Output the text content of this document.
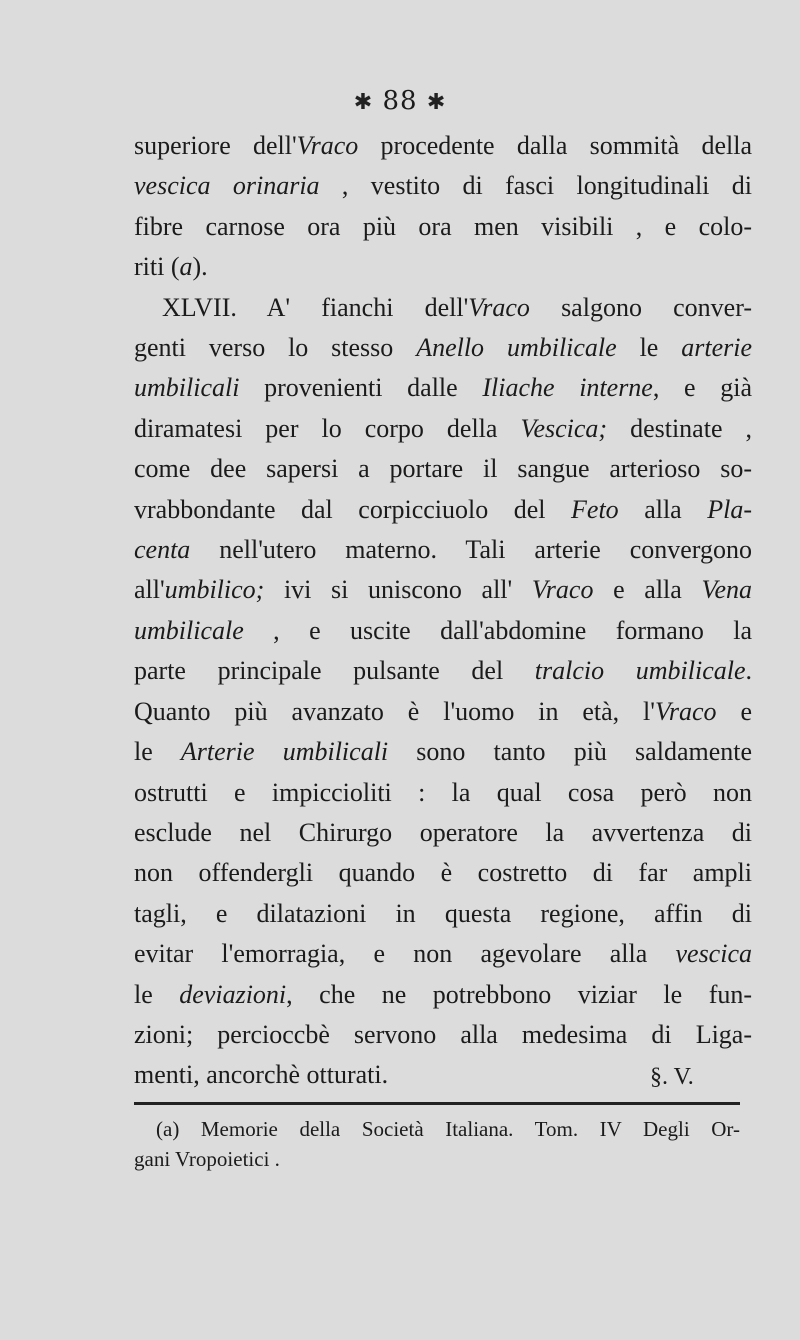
✱ 88 ✱
superiore dell'Vraco procedente dalla sommità della
vescica orinaria , vestito di fasci longitudinali di
fibre carnose ora più ora men visibili , e colo-
riti (a).
XLVII. A' fianchi dell'Vraco salgono conver-
genti verso lo stesso Anello umbilicale le arterie
umbilicali provenienti dalle Iliache interne, e già
diramatesi per lo corpo della Vescica; destinate ,
come dee sapersi a portare il sangue arterioso so-
vrabbondante dal corpicciuolo del Feto alla Pla-
centa nell'utero materno. Tali arterie convergono
all'umbilico; ivi si uniscono all' Vraco e alla Vena
umbilicale , e uscite dall'abdomine formano la
parte principale pulsante del tralcio umbilicale.
Quanto più avanzato è l'uomo in età, l'Vraco e
le Arterie umbilicali sono tanto più saldamente
ostrutti e impiccioliti : la qual cosa però non
esclude nel Chirurgo operatore la avvertenza di
non offendergli quando è costretto di far ampli
tagli, e dilatazioni in questa regione, affin di
evitar l'emorragia, e non agevolare alla vescica
le deviazioni, che ne potrebbono viziar le fun-
zioni; percioccbè servono alla medesima di Liga-
menti, ancorchè otturati.	§. V.
(a) Memorie della Società Italiana. Tom. IV Degli Or-
gani Vropoietici .
